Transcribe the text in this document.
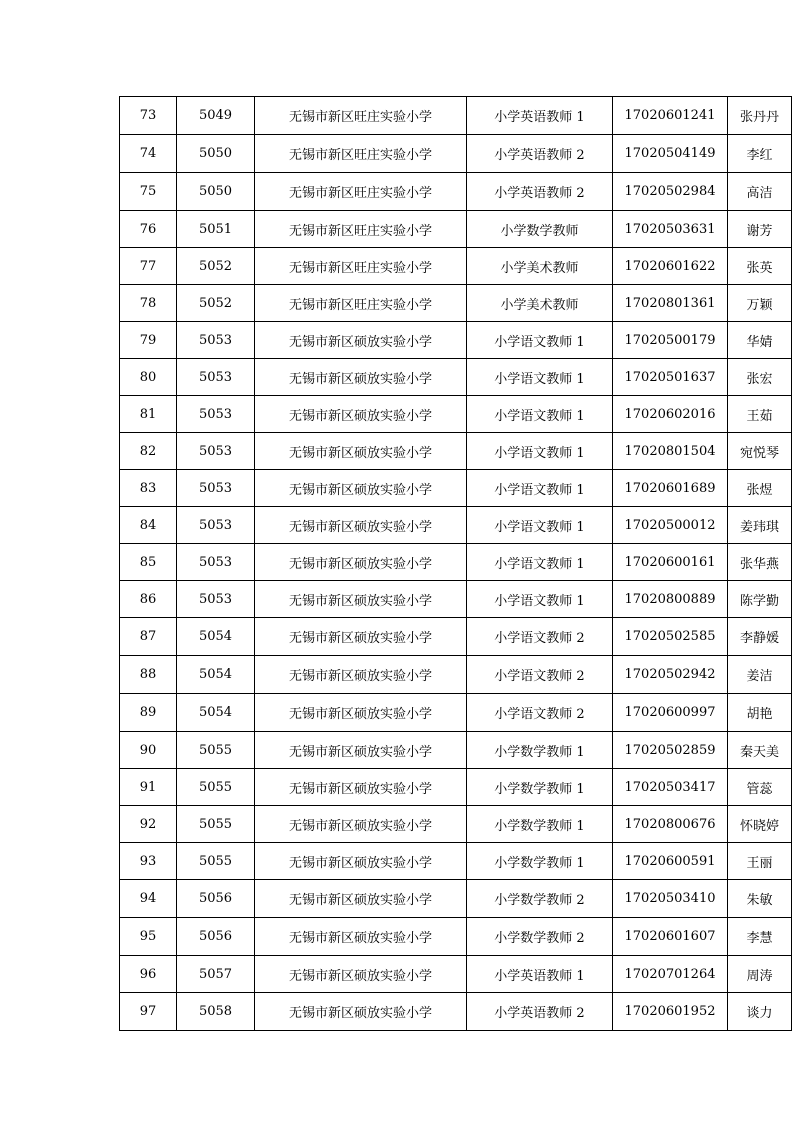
73	5049	无锡市新区旺庄实验小学	小学英语教师 1	17020601241	张丹丹
74	5050	无锡市新区旺庄实验小学	小学英语教师 2	17020504149	李红
75	5050	无锡市新区旺庄实验小学	小学英语教师 2	17020502984	高洁
76	5051	无锡市新区旺庄实验小学	小学数学教师	17020503631	谢芳
77	5052	无锡市新区旺庄实验小学	小学美术教师	17020601622	张英
78	5052	无锡市新区旺庄实验小学	小学美术教师	17020801361	万颖
79	5053	无锡市新区硕放实验小学	小学语文教师 1	17020500179	华婧
80	5053	无锡市新区硕放实验小学	小学语文教师 1	17020501637	张宏
81	5053	无锡市新区硕放实验小学	小学语文教师 1	17020602016	王茹
82	5053	无锡市新区硕放实验小学	小学语文教师 1	17020801504	宛悦琴
83	5053	无锡市新区硕放实验小学	小学语文教师 1	17020601689	张煜
84	5053	无锡市新区硕放实验小学	小学语文教师 1	17020500012	姜玮琪
85	5053	无锡市新区硕放实验小学	小学语文教师 1	17020600161	张华燕
86	5053	无锡市新区硕放实验小学	小学语文教师 1	17020800889	陈学勤
87	5054	无锡市新区硕放实验小学	小学语文教师 2	17020502585	李静媛
88	5054	无锡市新区硕放实验小学	小学语文教师 2	17020502942	姜洁
89	5054	无锡市新区硕放实验小学	小学语文教师 2	17020600997	胡艳
90	5055	无锡市新区硕放实验小学	小学数学教师 1	17020502859	秦天美
91	5055	无锡市新区硕放实验小学	小学数学教师 1	17020503417	管蕊
92	5055	无锡市新区硕放实验小学	小学数学教师 1	17020800676	怀晓婷
93	5055	无锡市新区硕放实验小学	小学数学教师 1	17020600591	王丽
94	5056	无锡市新区硕放实验小学	小学数学教师 2	17020503410	朱敏
95	5056	无锡市新区硕放实验小学	小学数学教师 2	17020601607	李慧
96	5057	无锡市新区硕放实验小学	小学英语教师 1	17020701264	周涛
97	5058	无锡市新区硕放实验小学	小学英语教师 2	17020601952	谈力
